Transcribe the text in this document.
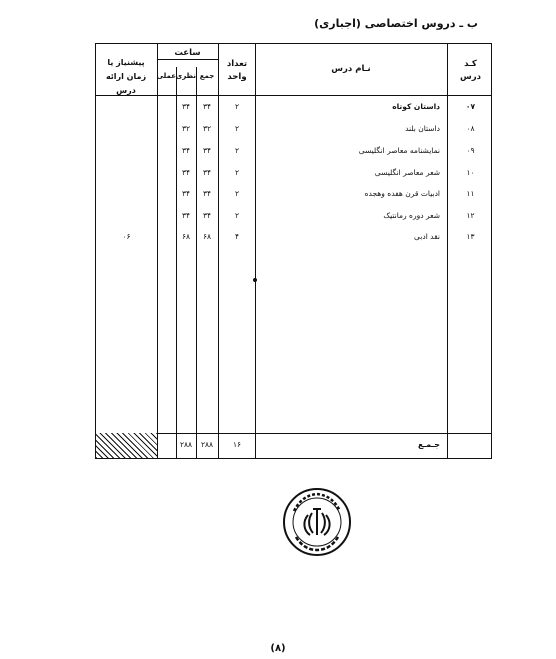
ب ـ دروس اختصاصی (اجباری)
کـد
درس
نـام درس
تعداد
واحد
ساعت
جمع
نظری
عملی
پیشنیاز یا زمان ارائه درس
۰۷
داستان کوتاه
۲
۳۴
۳۴
۰۸
داستان بلند
۲
۳۲
۳۲
۰۹
نمایشنامه معاصر انگلیسی
۲
۳۴
۳۴
۱۰
شعر معاصر انگلیسی
۲
۳۴
۳۴
۱۱
ادبیات قرن هفده وهجده
۲
۳۴
۳۴
۱۲
شعر دوره رمانتیک
۲
۳۴
۳۴
۱۳
نقد ادبی
۴
۶۸
۶۸
۰۶
جـمـع
۱۶
۲۸۸
۲۸۸
(۸)
